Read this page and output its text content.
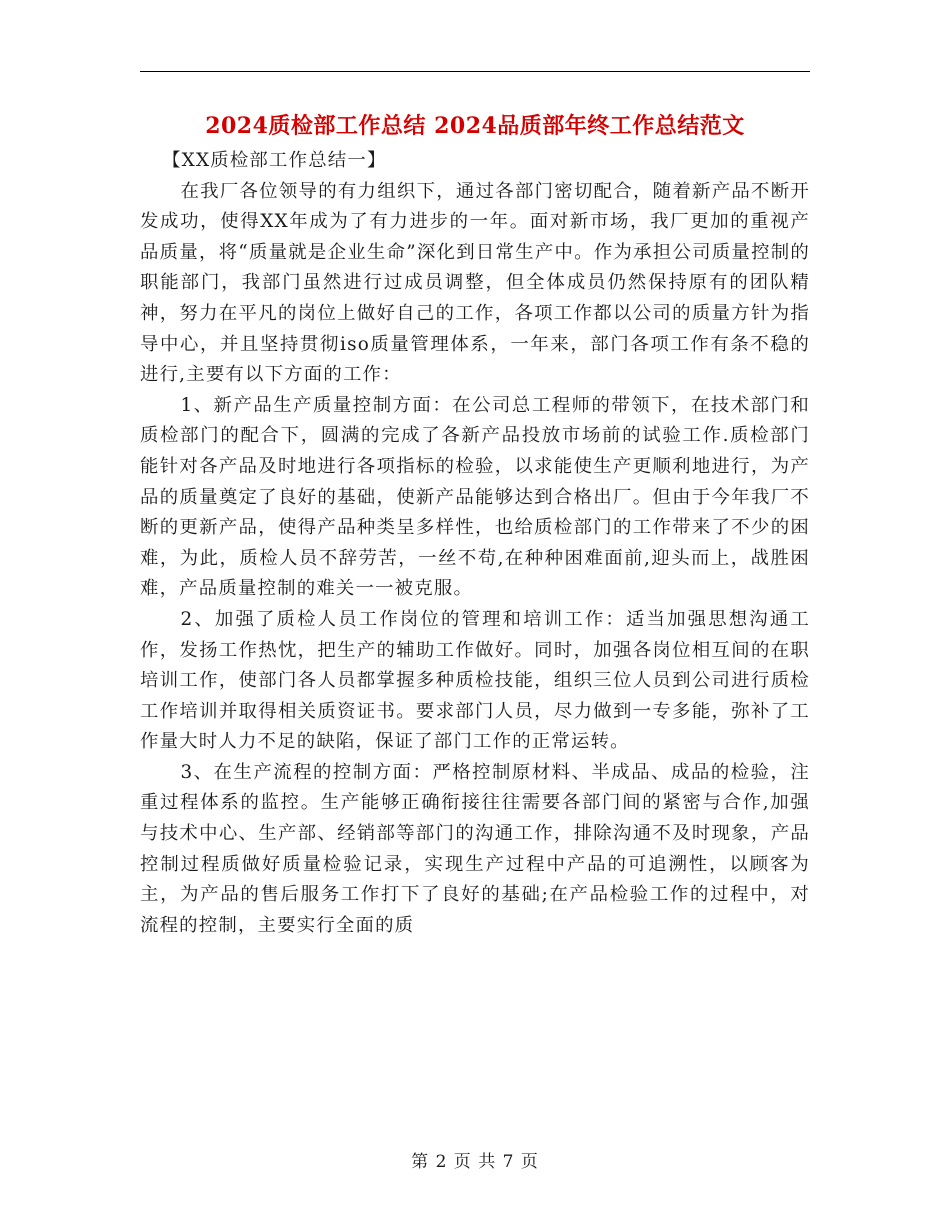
2024质检部工作总结 2024品质部年终工作总结范文

【XX质检部工作总结一】

在我厂各位领导的有力组织下，通过各部门密切配合，随着新产品不断开发成功，使得XX年成为了有力进步的一年。面对新市场，我厂更加的重视产品质量，将“质量就是企业生命”深化到日常生产中。作为承担公司质量控制的职能部门，我部门虽然进行过成员调整，但全体成员仍然保持原有的团队精神，努力在平凡的岗位上做好自己的工作，各项工作都以公司的质量方针为指导中心，并且坚持贯彻iso质量管理体系，一年来，部门各项工作有条不稳的进行,主要有以下方面的工作：

1、新产品生产质量控制方面：在公司总工程师的带领下，在技术部门和质检部门的配合下，圆满的完成了各新产品投放市场前的试验工作.质检部门能针对各产品及时地进行各项指标的检验，以求能使生产更顺利地进行，为产品的质量奠定了良好的基础，使新产品能够达到合格出厂。但由于今年我厂不断的更新产品，使得产品种类呈多样性，也给质检部门的工作带来了不少的困难，为此，质检人员不辞劳苦，一丝不苟,在种种困难面前,迎头而上，战胜困难，产品质量控制的难关一一被克服。

2、加强了质检人员工作岗位的管理和培训工作：适当加强思想沟通工作，发扬工作热忱，把生产的辅助工作做好。同时，加强各岗位相互间的在职培训工作，使部门各人员都掌握多种质检技能，组织三位人员到公司进行质检工作培训并取得相关质资证书。要求部门人员，尽力做到一专多能，弥补了工作量大时人力不足的缺陷，保证了部门工作的正常运转。

3、在生产流程的控制方面：严格控制原材料、半成品、成品的检验，注重过程体系的监控。生产能够正确衔接往往需要各部门间的紧密与合作,加强与技术中心、生产部、经销部等部门的沟通工作，排除沟通不及时现象，产品控制过程质做好质量检验记录，实现生产过程中产品的可追溯性，以顾客为主，为产品的售后服务工作打下了良好的基础;在产品检验工作的过程中，对流程的控制，主要实行全面的质

第 2 页 共 7 页
